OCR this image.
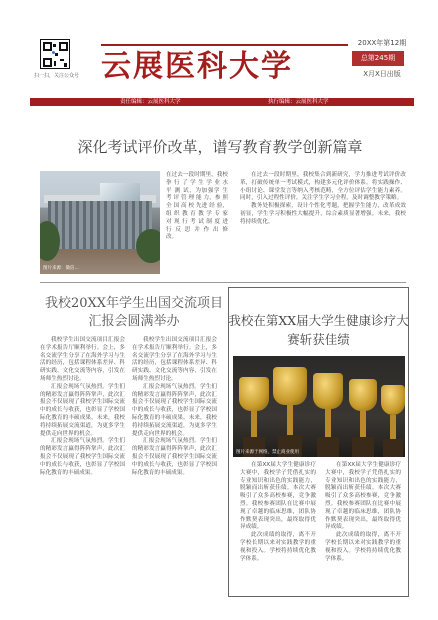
扫一扫，关注公众号 云展医科大学
20XX年第12期
总第245期
X月X日出版
责任编辑：云展医科大学	执行编辑：云展医科大学
深化考试评价改革，谱写教育教学创新篇章
图片来源：微信...
在过去一段时期里，我校 拳 行 了 学 生 学 业 水 平 测 试，为加强学 生 考 评 管 理 能 力，参 照 全 国 高 校 先进 经 验，组 织 教 育 教 学 专 家 对 现 行 考 试 制 度 进 行 反 思 并 作 出 修 改。

在过去一段时期里，我校集合到新研究，学力推进考试评价改革，打破传统单一考试模式，构建多元化评价体系。将实践操作、小组讨论、课堂发言等纳入考核范畴，全方位评估学生能力素养。同时，引入过程性评价，关注学生学习全程，及时调整教学策略。

教务处积极探索，设计个性化考题，把握学生能力，改革成效初显，学生学习积极性大幅提升，综合素质显著增强。未来，我校将持续优化。

我校20XX年学生出国交流项目汇报会圆满举办

我校学生出国交流项目汇报会在学术报告厅顺利举行。会上，多名交流学生分享了在海外学习与生活的经历，包括课程体系差异、科研实践、文化交流等内容，引发在场师生热烈讨论。

汇报会现场气氛热烈。学生们的精彩发言赢得阵阵掌声，此次汇报会不仅展现了我校学生国际交流中的成长与收获，也彰显了学校国际化教育的丰硕成果。未来，我校将持续拓展交流渠道，为更多学生提供走向世界的机会。

汇报会现场气氛热烈。学生们的精彩发言赢得阵阵掌声，此次汇报会不仅展现了我校学生国际交流中的成长与收获，也彰显了学校国际化教育的丰硕成果。

我校学生出国交流项目汇报会在学术报告厅顺利举行。会上，多名交流学生分享了在海外学习与生活的经历，包括课程体系差异、科研实践、文化交流等内容，引发在场师生热烈讨论。

汇报会现场气氛热烈。学生们的精彩发言赢得阵阵掌声，此次汇报会不仅展现了我校学生国际交流中的成长与收获，也彰显了学校国际化教育的丰硕成果。未来，我校将持续拓展交流渠道，为更多学生提供走向世界的机会。

汇报会现场气氛热烈。学生们的精彩发言赢得阵阵掌声，此次汇报会不仅展现了我校学生国际交流中的成长与收获，也彰显了学校国际化教育的丰硕成果。

我校在第XX届大学生健康诊疗大赛斩获佳绩
图片来源于网络，禁止商业使用

在第XX届大学生健康诊疗大赛中，我校学子凭借扎实的专业知识和出色的实践能力，脱颖而出斩获佳绩。本次大赛吸引了众多高校参赛，竞争激烈。我校参赛团队在比赛中展现了卓越的临床思维，团队协作默契表现突出，最终取得优异成绩。

此次成绩的取得，离不开学校长期以来对实践教学的重视和投入。学校将持续优化教学体系。

在第XX届大学生健康诊疗大赛中，我校学子凭借扎实的专业知识和出色的实践能力，脱颖而出斩获佳绩。本次大赛吸引了众多高校参赛，竞争激烈。我校参赛团队在比赛中展现了卓越的临床思维，团队协作默契表现突出，最终取得优异成绩。

此次成绩的取得，离不开学校长期以来对实践教学的重视和投入。学校将持续优化教学体系。
